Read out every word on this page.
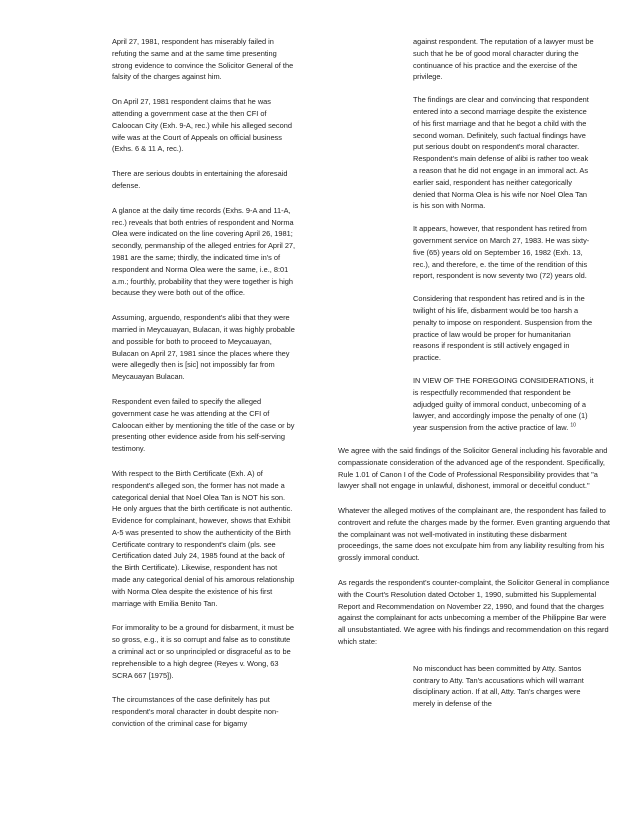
April 27, 1981, respondent has miserably failed in refuting the same and at the same time presenting strong evidence to convince the Solicitor General of the falsity of the charges against him.

On April 27, 1981 respondent claims that he was attending a government case at the then CFI of Caloocan City (Exh. 9-A, rec.) while his alleged second wife was at the Court of Appeals on official business (Exhs. 6 & 11 A, rec.).

There are serious doubts in entertaining the aforesaid defense.

A glance at the daily time records (Exhs. 9-A and 11-A, rec.) reveals that both entries of respondent and Norma Olea were indicated on the line covering April 26, 1981; secondly, penmanship of the alleged entries for April 27, 1981 are the same; thirdly, the indicated time in's of respondent and Norma Olea were the same, i.e., 8:01 a.m.; fourthly, probability that they were together is high because they were both out of the office.

Assuming, arguendo, respondent's alibi that they were married in Meycauayan, Bulacan, it was highly probable and possible for both to proceed to Meycauayan, Bulacan on April 27, 1981 since the places where they were allegedly then is [sic] not impossibly far from Meycauayan Bulacan.

Respondent even failed to specify the alleged government case he was attending at the CFI of Caloocan either by mentioning the title of the case or by presenting other evidence aside from his self-serving testimony.

With respect to the Birth Certificate (Exh. A) of respondent's alleged son, the former has not made a categorical denial that Noel Olea Tan is NOT his son. He only argues that the birth certificate is not authentic. Evidence for complainant, however, shows that Exhibit A-5 was presented to show the authenticity of the Birth Certificate contrary to respondent's claim (pls. see Certification dated July 24, 1985 found at the back of the Birth Certificate). Likewise, respondent has not made any categorical denial of his amorous relationship with Norma Olea despite the existence of his first marriage with Emilia Benito Tan.

For immorality to be a ground for disbarment, it must be so gross, e.g., it is so corrupt and false as to constitute a criminal act or so unprincipled or disgraceful as to be reprehensible to a high degree (Reyes v. Wong, 63 SCRA 667 [1975]).

The circumstances of the case definitely has put respondent's moral character in doubt despite non-conviction of the criminal case for bigamy

against respondent. The reputation of a lawyer must be such that he be of good moral character during the continuance of his practice and the exercise of the privilege.

The findings are clear and convincing that respondent entered into a second marriage despite the existence of his first marriage and that he begot a child with the second woman. Definitely, such factual findings have put serious doubt on respondent's moral character. Respondent's main defense of alibi is rather too weak a reason that he did not engage in an immoral act. As earlier said, respondent has neither categorically denied that Norma Olea is his wife nor Noel Olea Tan is his son with Norma.

It appears, however, that respondent has retired from government service on March 27, 1983. He was sixty-five (65) years old on September 16, 1982 (Exh. 13, rec.), and therefore, e. the time of the rendition of this report, respondent is now seventy two (72) years old.

Considering that respondent has retired and is in the twilight of his life, disbarment would be too harsh a penalty to impose on respondent. Suspension from the practice of law would be proper for humanitarian reasons if respondent is still actively engaged in practice.

IN VIEW OF THE FOREGOING CONSIDERATIONS, it is respectfully recommended that respondent be adjudged guilty of immoral conduct, unbecoming of a lawyer, and accordingly impose the penalty of one (1) year suspension from the active practice of law. $^{10}$

We agree with the said findings of the Solicitor General including his favorable and compassionate consideration of the advanced age of the respondent. Specifically, Rule 1.01 of Canon I of the Code of Professional Responsibility provides that "a lawyer shall not engage in unlawful, dishonest, immoral or deceitful conduct."

Whatever the alleged motives of the complainant are, the respondent has failed to controvert and refute the charges made by the former. Even granting arguendo that the complainant was not well-motivated in instituting these disbarment proceedings, the same does not exculpate him from any liability resulting from his grossly immoral conduct.

As regards the respondent's counter-complaint, the Solicitor General in compliance with the Court's Resolution dated October 1, 1990, submitted his Supplemental Report and Recommendation on November 22, 1990, and found that the charges against the complainant for acts unbecoming a member of the Philippine Bar were all unsubstantiated. We agree with his findings and recommendation on this regard which state:

No misconduct has been committed by Atty. Santos contrary to Atty. Tan's accusations which will warrant disciplinary action. If at all, Atty. Tan's charges were merely in defense of the
